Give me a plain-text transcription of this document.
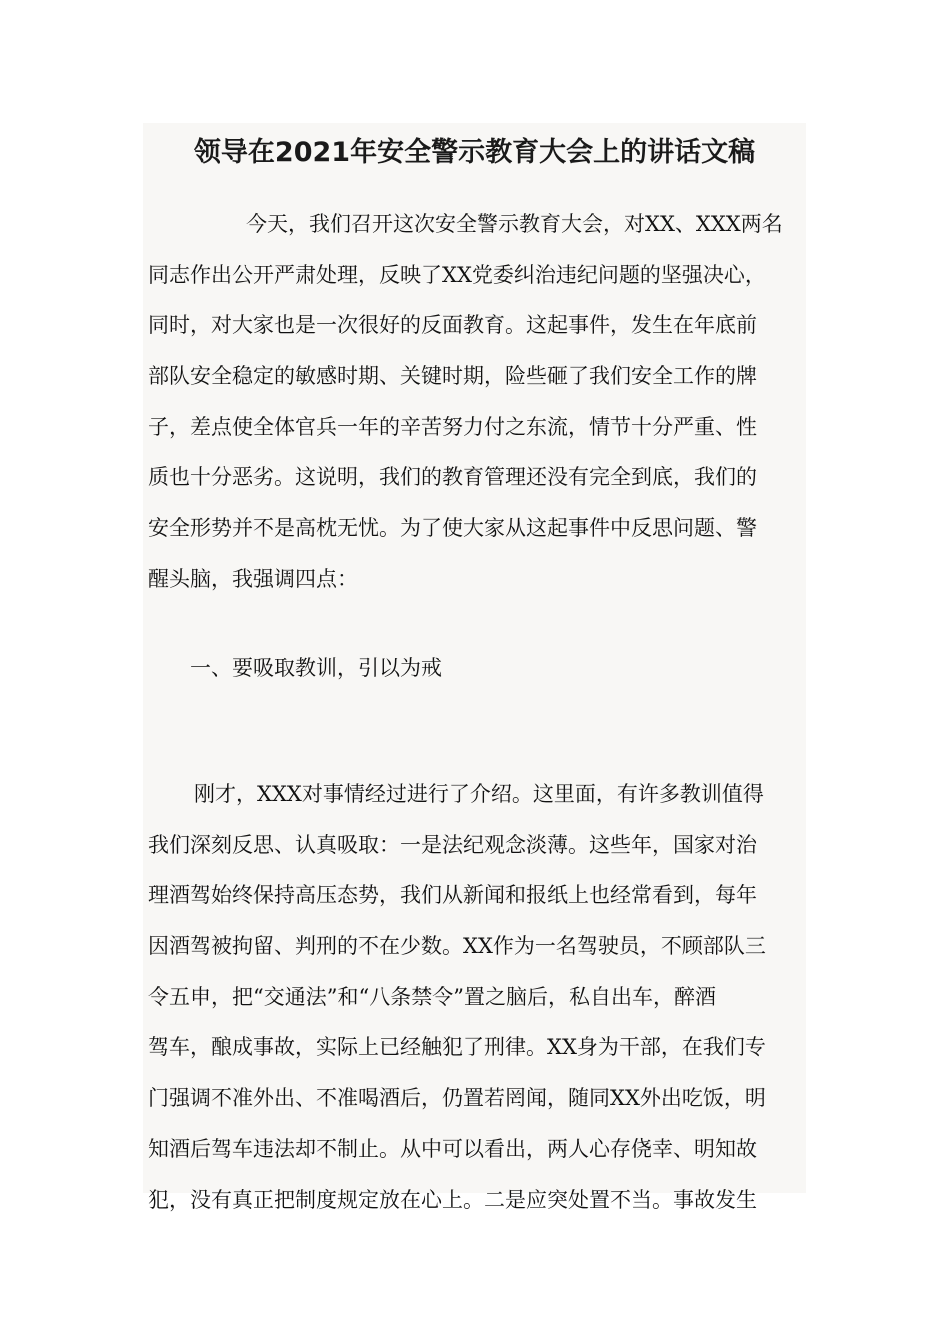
领导在2021年安全警示教育大会上的讲话文稿
今天，我们召开这次安全警示教育大会，对XX、XXX两名
同志作出公开严肃处理，反映了XX党委纠治违纪问题的坚强决心，
同时，对大家也是一次很好的反面教育。这起事件，发生在年底前
部队安全稳定的敏感时期、关键时期，险些砸了我们安全工作的牌
子，差点使全体官兵一年的辛苦努力付之东流，情节十分严重、性
质也十分恶劣。这说明，我们的教育管理还没有完全到底，我们的
安全形势并不是高枕无忧。为了使大家从这起事件中反思问题、警
醒头脑，我强调四点：
一、要吸取教训，引以为戒
刚才，XXX对事情经过进行了介绍。这里面，有许多教训值得
我们深刻反思、认真吸取：一是法纪观念淡薄。这些年，国家对治
理酒驾始终保持高压态势，我们从新闻和报纸上也经常看到，每年
因酒驾被拘留、判刑的不在少数。XX作为一名驾驶员，不顾部队三
令五申，把“交通法”和“八条禁令”置之脑后，私自出车，醉酒
驾车，酿成事故，实际上已经触犯了刑律。XX身为干部，在我们专
门强调不准外出、不准喝酒后，仍置若罔闻，随同XX外出吃饭，明
知酒后驾车违法却不制止。从中可以看出，两人心存侥幸、明知故
犯，没有真正把制度规定放在心上。二是应突处置不当。事故发生
